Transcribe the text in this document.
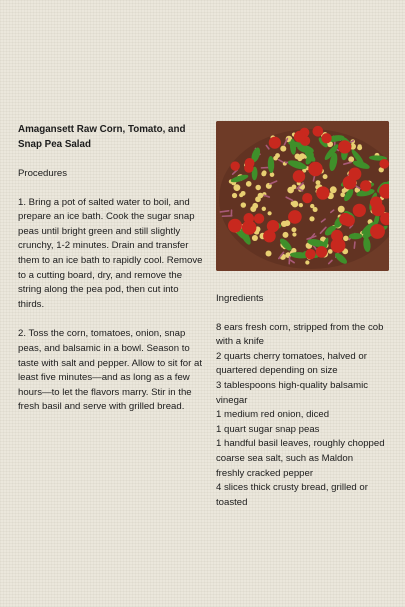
Amagansett Raw Corn, Tomato, and Snap Pea Salad

Procedures

1. Bring a pot of salted water to boil, and prepare an ice bath. Cook the sugar snap peas until bright green and still slightly crunchy, 1-2 minutes. Drain and transfer them to an ice bath to rapidly cool. Remove to a cutting board, dry, and remove the string along the pea pod, then cut into thirds.

2. Toss the corn, tomatoes, onion, snap peas, and balsamic in a bowl. Season to taste with salt and pepper. Allow to sit for at least five minutes—and as long as a few hours—to let the flavors marry. Stir in the fresh basil and serve with grilled bread.

Ingredients

8 ears fresh corn, stripped from the cob with a knife

2 quarts cherry tomatoes, halved or quartered depending on size

3 tablespoons high-quality balsamic vinegar

1 medium red onion, diced

1 quart sugar snap peas

1 handful basil leaves, roughly chopped

coarse sea salt, such as Maldon

freshly cracked pepper

4 slices thick crusty bread, grilled or toasted
